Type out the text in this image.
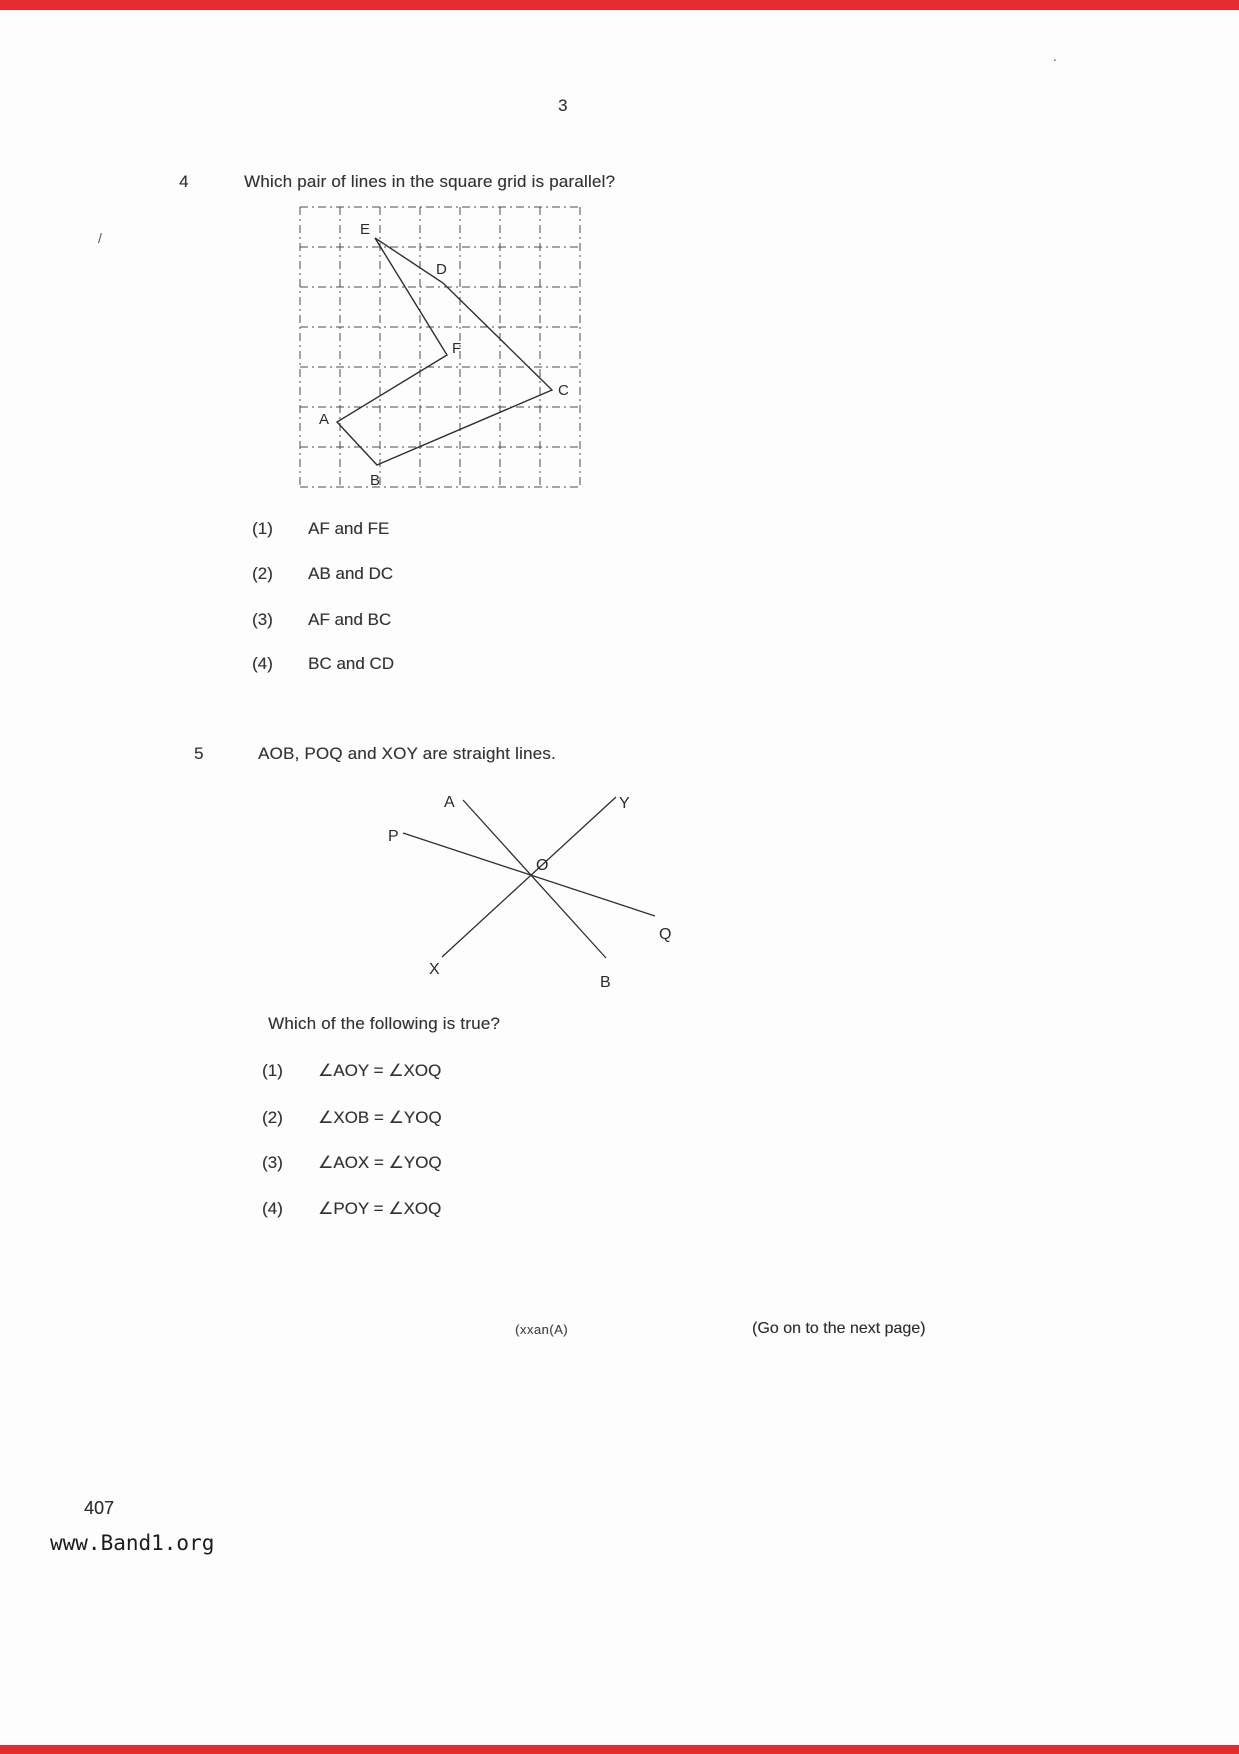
.
/
3
4	Which pair of lines in the square grid is parallel?
E
D
F
C
A
B
(1)	AF and FE
(2)	AB and DC
(3)	AF and BC
(4)	BC and CD
5	AOB, POQ and XOY are straight lines.
A	Y
P
O
Q
X
B
Which of the following is true?
(1)	∠AOY = ∠XOQ
(2)	∠XOB = ∠YOQ
(3)	∠AOX = ∠YOQ
(4)	∠POY = ∠XOQ
(xxan(A)	(Go on to the next page)
407
www.Band1.org
